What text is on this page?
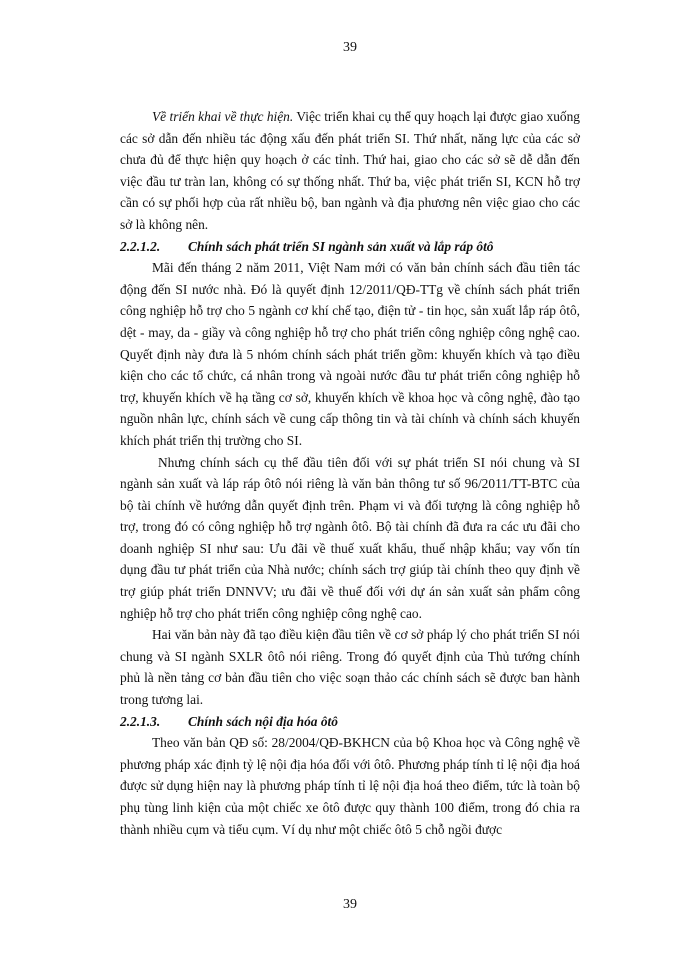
39

Về triển khai về thực hiện. Việc triển khai cụ thể quy hoạch lại được giao xuống các sở dẫn đến nhiều tác động xấu đến phát triển SI. Thứ nhất, năng lực của các sở chưa đủ để thực hiện quy hoạch ở các tỉnh. Thứ hai, giao cho các sở sẽ dễ dẫn đến việc đầu tư tràn lan, không có sự thống nhất. Thứ ba, việc phát triển SI, KCN hỗ trợ cần có sự phối hợp của rất nhiều bộ, ban ngành và địa phương nên việc giao cho các sở là không nên.

2.2.1.2. Chính sách phát triển SI ngành sản xuất và lắp ráp ôtô

Mãi đến tháng 2 năm 2011, Việt Nam mới có văn bản chính sách đầu tiên tác động đến SI nước nhà. Đó là quyết định 12/2011/QĐ-TTg về chính sách phát triển công nghiệp hỗ trợ cho 5 ngành cơ khí chế tạo, điện tử - tin học, sản xuất lắp ráp ôtô, dệt - may, da - giầy và công nghiệp hỗ trợ cho phát triển công nghiệp công nghệ cao. Quyết định này đưa là 5 nhóm chính sách phát triển gồm: khuyến khích và tạo điều kiện cho các tổ chức, cá nhân trong và ngoài nước đầu tư phát triển công nghiệp hỗ trợ, khuyến khích về hạ tầng cơ sở, khuyến khích về khoa học và công nghệ, đào tạo nguồn nhân lực, chính sách về cung cấp thông tin và tài chính và chính sách khuyến khích phát triển thị trường cho SI.

Nhưng chính sách cụ thể đầu tiên đối với sự phát triển SI nói chung và SI ngành sản xuất và láp ráp ôtô nói riêng là văn bản thông tư số 96/2011/TT-BTC của bộ tài chính về hướng dẫn quyết định trên. Phạm vi và đối tượng là công nghiệp hỗ trợ, trong đó có công nghiệp hỗ trợ ngành ôtô. Bộ tài chính đã đưa ra các ưu đãi cho doanh nghiệp SI như sau: Ưu đãi về thuế xuất khẩu, thuế nhập khẩu; vay vốn tín dụng đầu tư phát triển của Nhà nước; chính sách trợ giúp tài chính theo quy định về trợ giúp phát triển DNNVV; ưu đãi về thuế đối với dự án sản xuất sản phẩm công nghiệp hỗ trợ cho phát triển công nghiệp công nghệ cao.

Hai văn bản này đã tạo điều kiện đầu tiên về cơ sở pháp lý cho phát triển SI nói chung và SI ngành SXLR ôtô nói riêng. Trong đó quyết định của Thủ tướng chính phủ là nền tảng cơ bản đầu tiên cho việc soạn thảo các chính sách sẽ được ban hành trong tương lai.

2.2.1.3. Chính sách nội địa hóa ôtô

Theo văn bản QĐ số: 28/2004/QĐ-BKHCN của bộ Khoa học và Công nghệ về phương pháp xác định tỷ lệ nội địa hóa đối với ôtô. Phương pháp tính tỉ lệ nội địa hoá được sử dụng hiện nay là phương pháp tính tỉ lệ nội địa hoá theo điểm, tức là toàn bộ phụ tùng linh kiện của một chiếc xe ôtô được quy thành 100 điểm, trong đó chia ra thành nhiều cụm và tiểu cụm. Ví dụ như một chiếc ôtô 5 chỗ ngồi được

39
